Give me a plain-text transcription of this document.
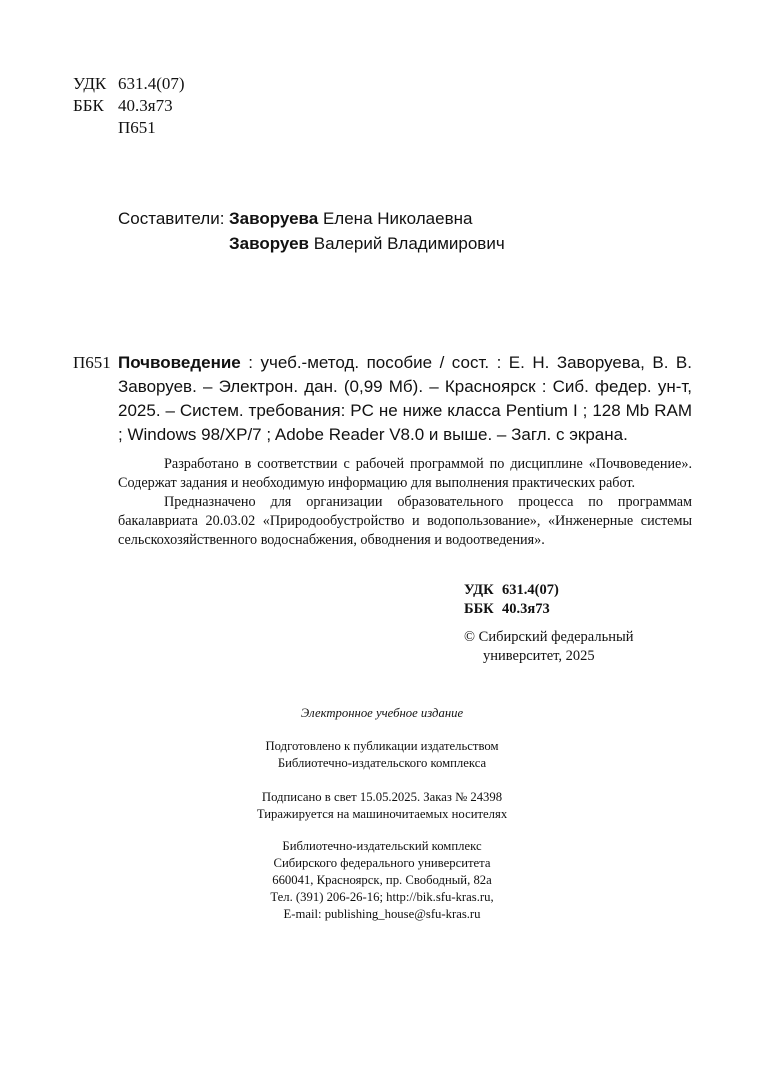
УДК 631.4(07)
ББК 40.3я73
П651
Составители: Заворуева Елена Николаевна
Заворуев Валерий Владимирович
П651 Почвоведение : учеб.-метод. пособие / сост. : Е. Н. Заворуева, В. В. Заворуев. – Электрон. дан. (0,99 Мб). – Красноярск : Сиб. федер. ун-т, 2025. – Систем. требования: PC не ниже класса Pentium I ; 128 Mb RAM ; Windows 98/XP/7 ; Adobe Reader V8.0 и выше. – Загл. с экрана.

Разработано в соответствии с рабочей программой по дисциплине «Почвоведение». Содержат задания и необходимую информацию для выполнения практических работ.

Предназначено для организации образовательного процесса по программам бакалавриата 20.03.02 «Природообустройство и водопользование», «Инженерные системы сельскохозяйственного водоснабжения, обводнения и водоотведения».

УДК 631.4(07)
ББК 40.3я73
© Сибирский федеральный
университет, 2025

Электронное учебное издание

Подготовлено к публикации издательством

Библиотечно-издательского комплекса

Подписано в свет 15.05.2025. Заказ № 24398

Тиражируется на машиночитаемых носителях

Библиотечно-издательский комплекс

Сибирского федерального университета

660041, Красноярск, пр. Свободный, 82а

Тел. (391) 206-26-16; http://bik.sfu-kras.ru,

E-mail: publishing_house@sfu-kras.ru
